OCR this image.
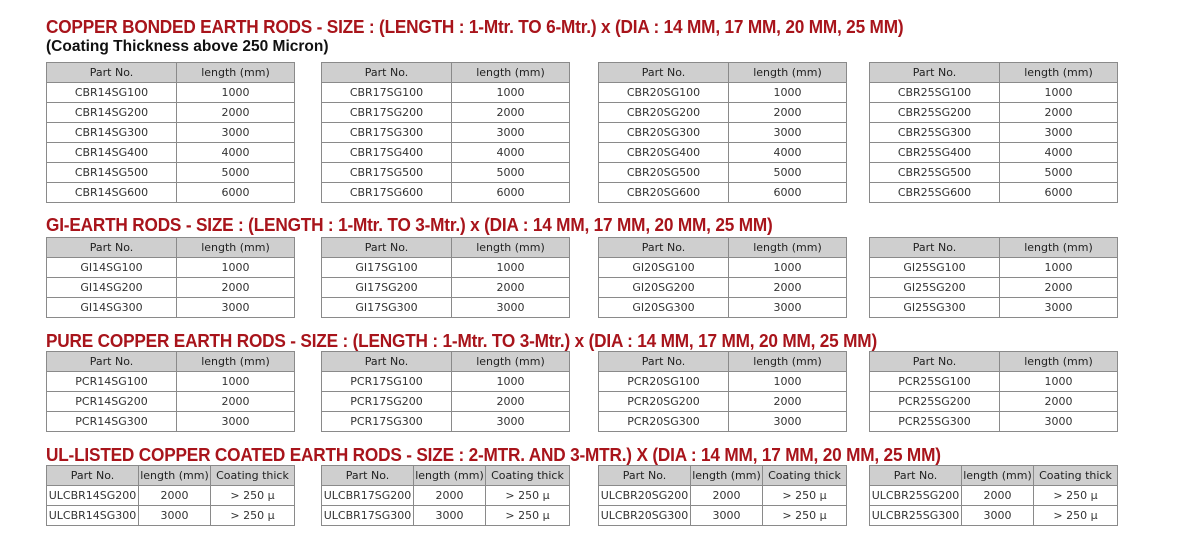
COPPER BONDED EARTH RODS - SIZE : (LENGTH : 1-Mtr. TO 6-Mtr.) x (DIA : 14 MM, 17 MM, 20 MM, 25 MM)
(Coating Thickness above 250 Micron)
GI-EARTH RODS - SIZE : (LENGTH : 1-Mtr. TO 3-Mtr.) x (DIA : 14 MM, 17 MM, 20 MM, 25 MM)
PURE COPPER EARTH RODS - SIZE : (LENGTH : 1-Mtr. TO 3-Mtr.) x (DIA : 14 MM, 17 MM, 20 MM, 25 MM)
UL-LISTED COPPER COATED EARTH RODS - SIZE : 2-MTR. AND 3-MTR.) X (DIA : 14 MM, 17 MM, 20 MM, 25 MM)
Part No.	length (mm)
CBR14SG100	1000
CBR14SG200	2000
CBR14SG300	3000
CBR14SG400	4000
CBR14SG500	5000
CBR14SG600	6000
Part No.	length (mm)
CBR17SG100	1000
CBR17SG200	2000
CBR17SG300	3000
CBR17SG400	4000
CBR17SG500	5000
CBR17SG600	6000
Part No.	length (mm)
CBR20SG100	1000
CBR20SG200	2000
CBR20SG300	3000
CBR20SG400	4000
CBR20SG500	5000
CBR20SG600	6000
Part No.	length (mm)
CBR25SG100	1000
CBR25SG200	2000
CBR25SG300	3000
CBR25SG400	4000
CBR25SG500	5000
CBR25SG600	6000
Part No.	length (mm)
GI14SG100	1000
GI14SG200	2000
GI14SG300	3000
Part No.	length (mm)
GI17SG100	1000
GI17SG200	2000
GI17SG300	3000
Part No.	length (mm)
GI20SG100	1000
GI20SG200	2000
GI20SG300	3000
Part No.	length (mm)
GI25SG100	1000
GI25SG200	2000
GI25SG300	3000
Part No.	length (mm)
PCR14SG100	1000
PCR14SG200	2000
PCR14SG300	3000
Part No.	length (mm)
PCR17SG100	1000
PCR17SG200	2000
PCR17SG300	3000
Part No.	length (mm)
PCR20SG100	1000
PCR20SG200	2000
PCR20SG300	3000
Part No.	length (mm)
PCR25SG100	1000
PCR25SG200	2000
PCR25SG300	3000
Part No.	length (mm)	Coating thick
ULCBR14SG200	2000	> 250 µ
ULCBR14SG300	3000	> 250 µ
Part No.	length (mm)	Coating thick
ULCBR17SG200	2000	> 250 µ
ULCBR17SG300	3000	> 250 µ
Part No.	length (mm)	Coating thick
ULCBR20SG200	2000	> 250 µ
ULCBR20SG300	3000	> 250 µ
Part No.	length (mm)	Coating thick
ULCBR25SG200	2000	> 250 µ
ULCBR25SG300	3000	> 250 µ
